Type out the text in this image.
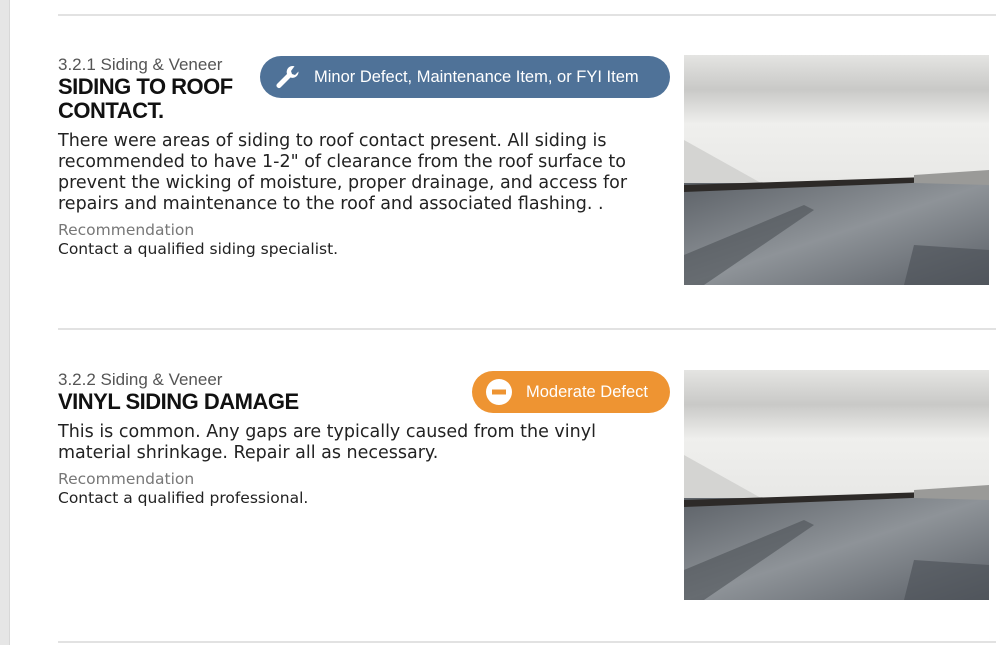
3.2.1 Siding & Veneer
SIDING TO ROOF
CONTACT.
There were areas of siding to roof contact present. All siding is recommended to have 1-2" of clearance from the roof surface to prevent the wicking of moisture, proper drainage, and access for repairs and maintenance to the roof and associated flashing. .
Recommendation
Contact a qualified siding specialist.
Minor Defect, Maintenance Item, or FYI Item
3.2.2 Siding & Veneer
VINYL SIDING DAMAGE
This is common. Any gaps are typically caused from the vinyl material shrinkage. Repair all as necessary.
Recommendation
Contact a qualified professional.
Moderate Defect
